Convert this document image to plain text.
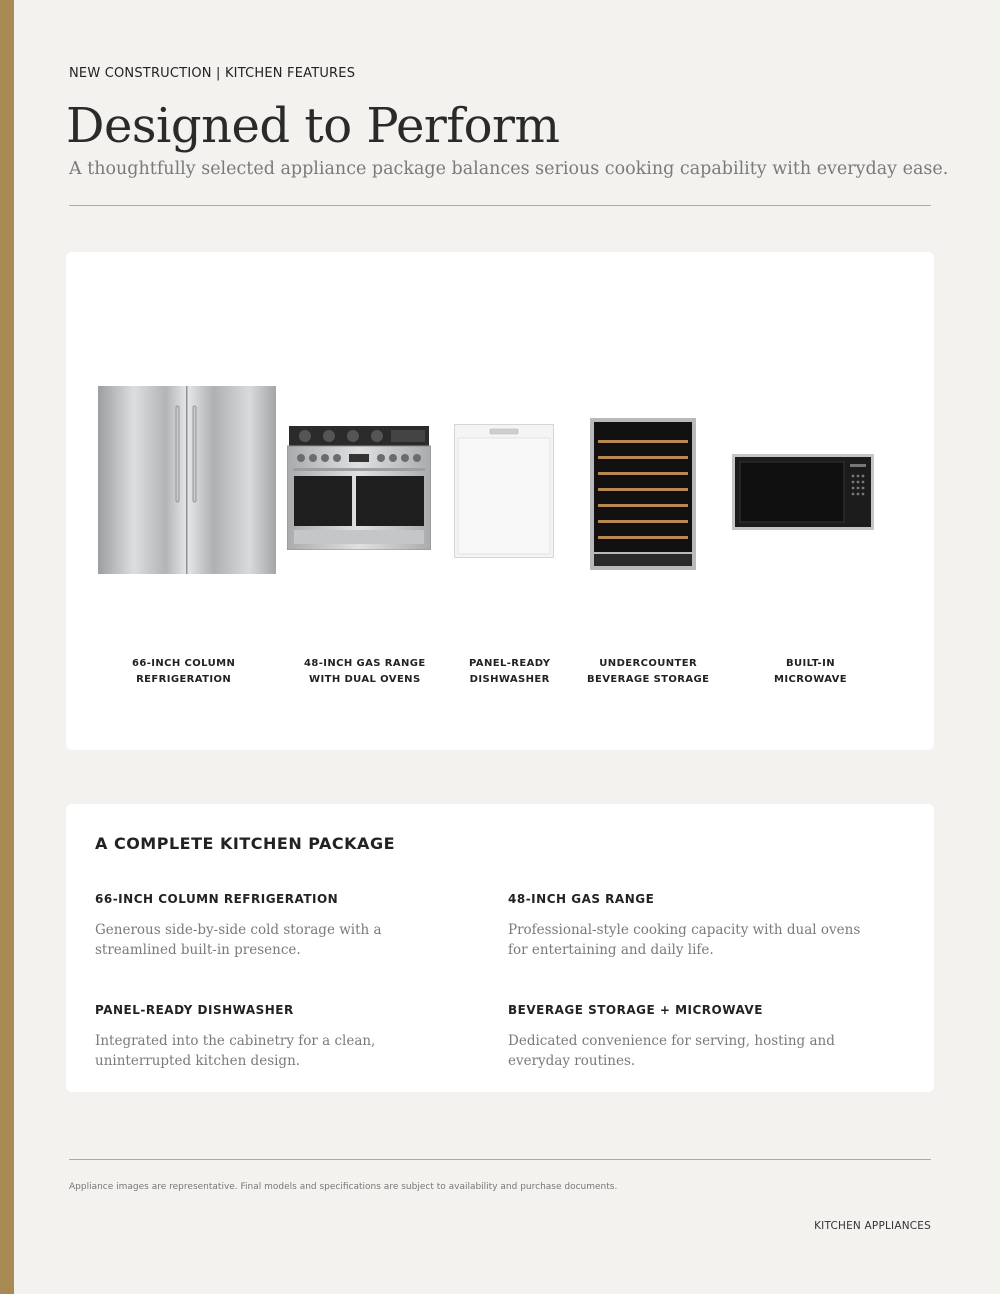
NEW CONSTRUCTION | KITCHEN FEATURES
Designed to Perform
A thoughtfully selected appliance package balances serious cooking capability with everyday ease.
66-INCH COLUMN
REFRIGERATION
48-INCH GAS RANGE
WITH DUAL OVENS
PANEL-READY
DISHWASHER
UNDERCOUNTER
BEVERAGE STORAGE
BUILT-IN
MICROWAVE
A COMPLETE KITCHEN PACKAGE
66-INCH COLUMN REFRIGERATION

Generous side-by-side cold storage with a streamlined built-in presence.

48-INCH GAS RANGE

Professional-style cooking capacity with dual ovens for entertaining and daily life.

PANEL-READY DISHWASHER

Integrated into the cabinetry for a clean, uninterrupted kitchen design.

BEVERAGE STORAGE + MICROWAVE

Dedicated convenience for serving, hosting and everyday routines.

Appliance images are representative. Final models and specifications are subject to availability and purchase documents.
KITCHEN APPLIANCES
